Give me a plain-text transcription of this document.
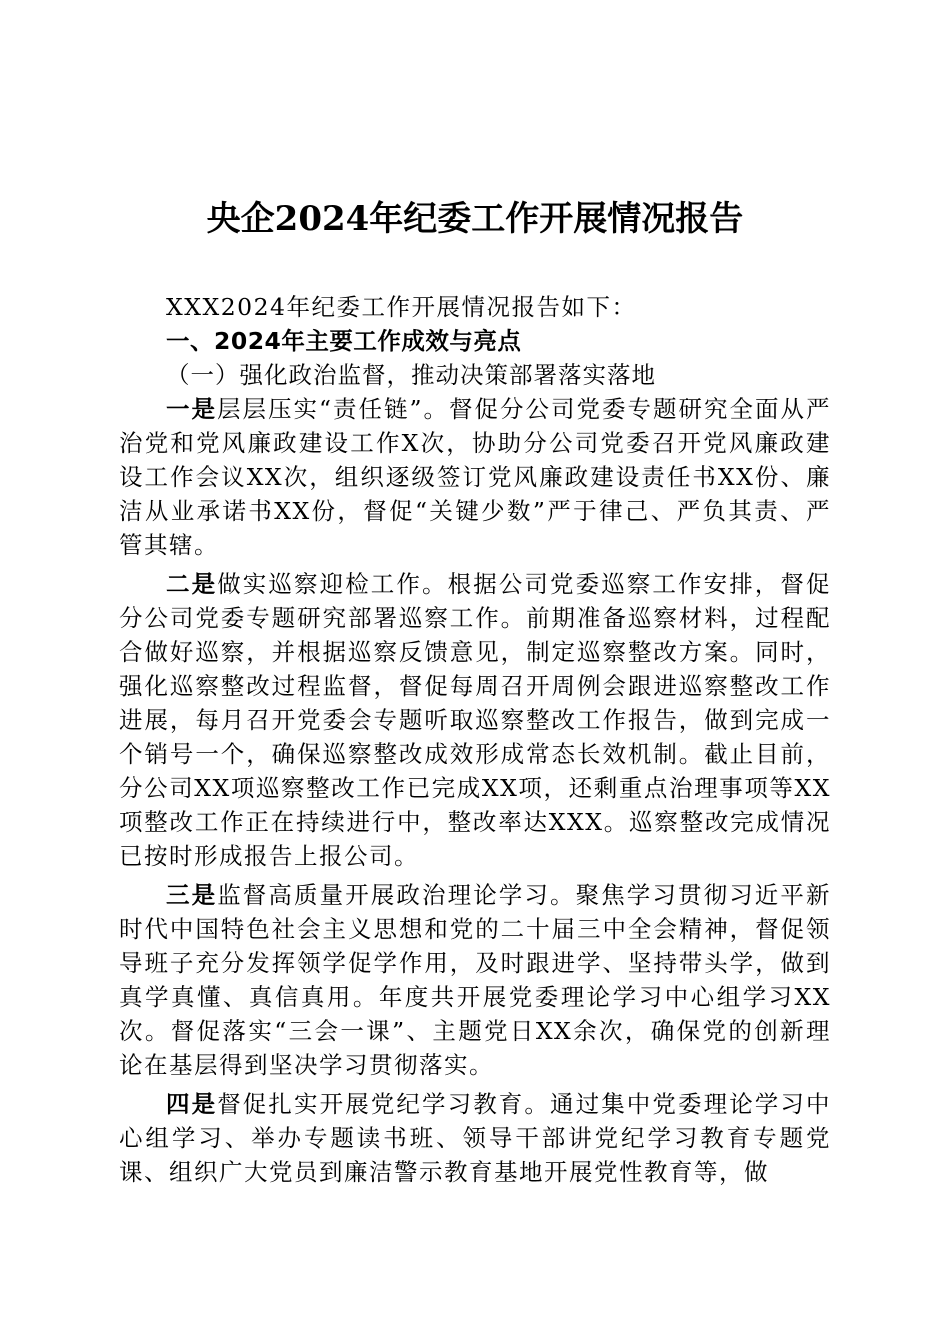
央企2024年纪委工作开展情况报告

XXX2024年纪委工作开展情况报告如下：

一、2024年主要工作成效与亮点

（一）强化政治监督，推动决策部署落实落地

一是层层压实“责任链”。督促分公司党委专题研究全面从严治党和党风廉政建设工作X次，协助分公司党委召开党风廉政建设工作会议XX次，组织逐级签订党风廉政建设责任书XX份、廉洁从业承诺书XX份，督促“关键少数”严于律己、严负其责、严管其辖。

二是做实巡察迎检工作。根据公司党委巡察工作安排，督促分公司党委专题研究部署巡察工作。前期准备巡察材料，过程配合做好巡察，并根据巡察反馈意见，制定巡察整改方案。同时，强化巡察整改过程监督，督促每周召开周例会跟进巡察整改工作进展，每月召开党委会专题听取巡察整改工作报告，做到完成一个销号一个，确保巡察整改成效形成常态长效机制。截止目前，分公司XX项巡察整改工作已完成XX项，还剩重点治理事项等XX项整改工作正在持续进行中，整改率达XXX。巡察整改完成情况已按时形成报告上报公司。

三是监督高质量开展政治理论学习。聚焦学习贯彻习近平新时代中国特色社会主义思想和党的二十届三中全会精神，督促领导班子充分发挥领学促学作用，及时跟进学、坚持带头学，做到真学真懂、真信真用。年度共开展党委理论学习中心组学习XX次。督促落实“三会一课”、主题党日XX余次，确保党的创新理论在基层得到坚决学习贯彻落实。

四是督促扎实开展党纪学习教育。通过集中党委理论学习中心组学习、举办专题读书班、领导干部讲党纪学习教育专题党课、组织广大党员到廉洁警示教育基地开展党性教育等，做
